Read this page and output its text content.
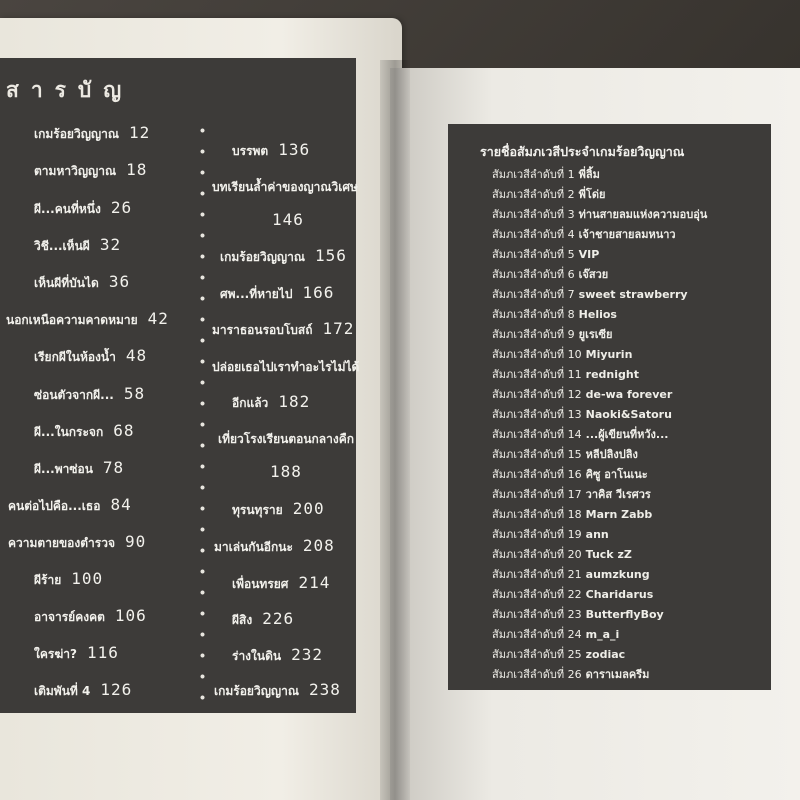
สารบัญ
เกมร้อยวิญญาณ 12
ตามหาวิญญาณ 18
ผี...คนที่หนึ่ง 26
วิชี...เห็นผี 32
เห็นผีที่บันได 36
นอกเหนือความคาดหมาย 42
เรียกผีในห้องน้ำ 48
ซ่อนตัวจากผี... 58
ผี...ในกระจก 68
ผี...พาซ่อน 78
คนต่อไปคือ...เธอ 84
ความตายของตำรวจ 90
ผีร้าย 100
อาจารย์คงคต 106
ใครฆ่า? 116
เติมพันที่ 4 126
บรรพต 136
บทเรียนล้ำค่าของญาณวิเศษ
146
เกมร้อยวิญญาณ 156
ศพ...ที่หายไป 166
มาราธอนรอบโบสถ์ 172
ปล่อยเธอไปเราทำอะไรไม่ได้
อีกแล้ว 182
เที่ยวโรงเรียนตอนกลางคืก
188
ทุรนทุราย 200
มาเล่นกันอีกนะ 208
เพื่อนทรยศ 214
ผีสิง 226
ร่างในดิน 232
เกมร้อยวิญญาณ 238
รายชื่อสัมภเวสีประจำเกมร้อยวิญญาณ
สัมภเวสีลำดับที่ 1 พี่ลิ้ม
สัมภเวสีลำดับที่ 2 พี่โด่ย
สัมภเวสีลำดับที่ 3 ท่านสายลมแห่งความอบอุ่น
สัมภเวสีลำดับที่ 4 เจ้าชายสายลมหนาว
สัมภเวสีลำดับที่ 5 VIP
สัมภเวสีลำดับที่ 6 เจ๊สวย
สัมภเวสีลำดับที่ 7 sweet strawberry
สัมภเวสีลำดับที่ 8 Helios
สัมภเวสีลำดับที่ 9 ยูเรเซีย
สัมภเวสีลำดับที่ 10 Miyurin
สัมภเวสีลำดับที่ 11 rednight
สัมภเวสีลำดับที่ 12 de-wa forever
สัมภเวสีลำดับที่ 13 Naoki&Satoru
สัมภเวสีลำดับที่ 14 ...ผู้เขียนที่หวัง...
สัมภเวสีลำดับที่ 15 หลีปลิงปลิง
สัมภเวสีลำดับที่ 16 คิซู อาโนเนะ
สัมภเวสีลำดับที่ 17 วาคิส วีเรศวร
สัมภเวสีลำดับที่ 18 Marn Zabb
สัมภเวสีลำดับที่ 19 ann
สัมภเวสีลำดับที่ 20 Tuck zZ
สัมภเวสีลำดับที่ 21 aumzkung
สัมภเวสีลำดับที่ 22 Charidarus
สัมภเวสีลำดับที่ 23 ButterflyBoy
สัมภเวสีลำดับที่ 24 m_a_i
สัมภเวสีลำดับที่ 25 zodiac
สัมภเวสีลำดับที่ 26 ดาราเมลครีม
